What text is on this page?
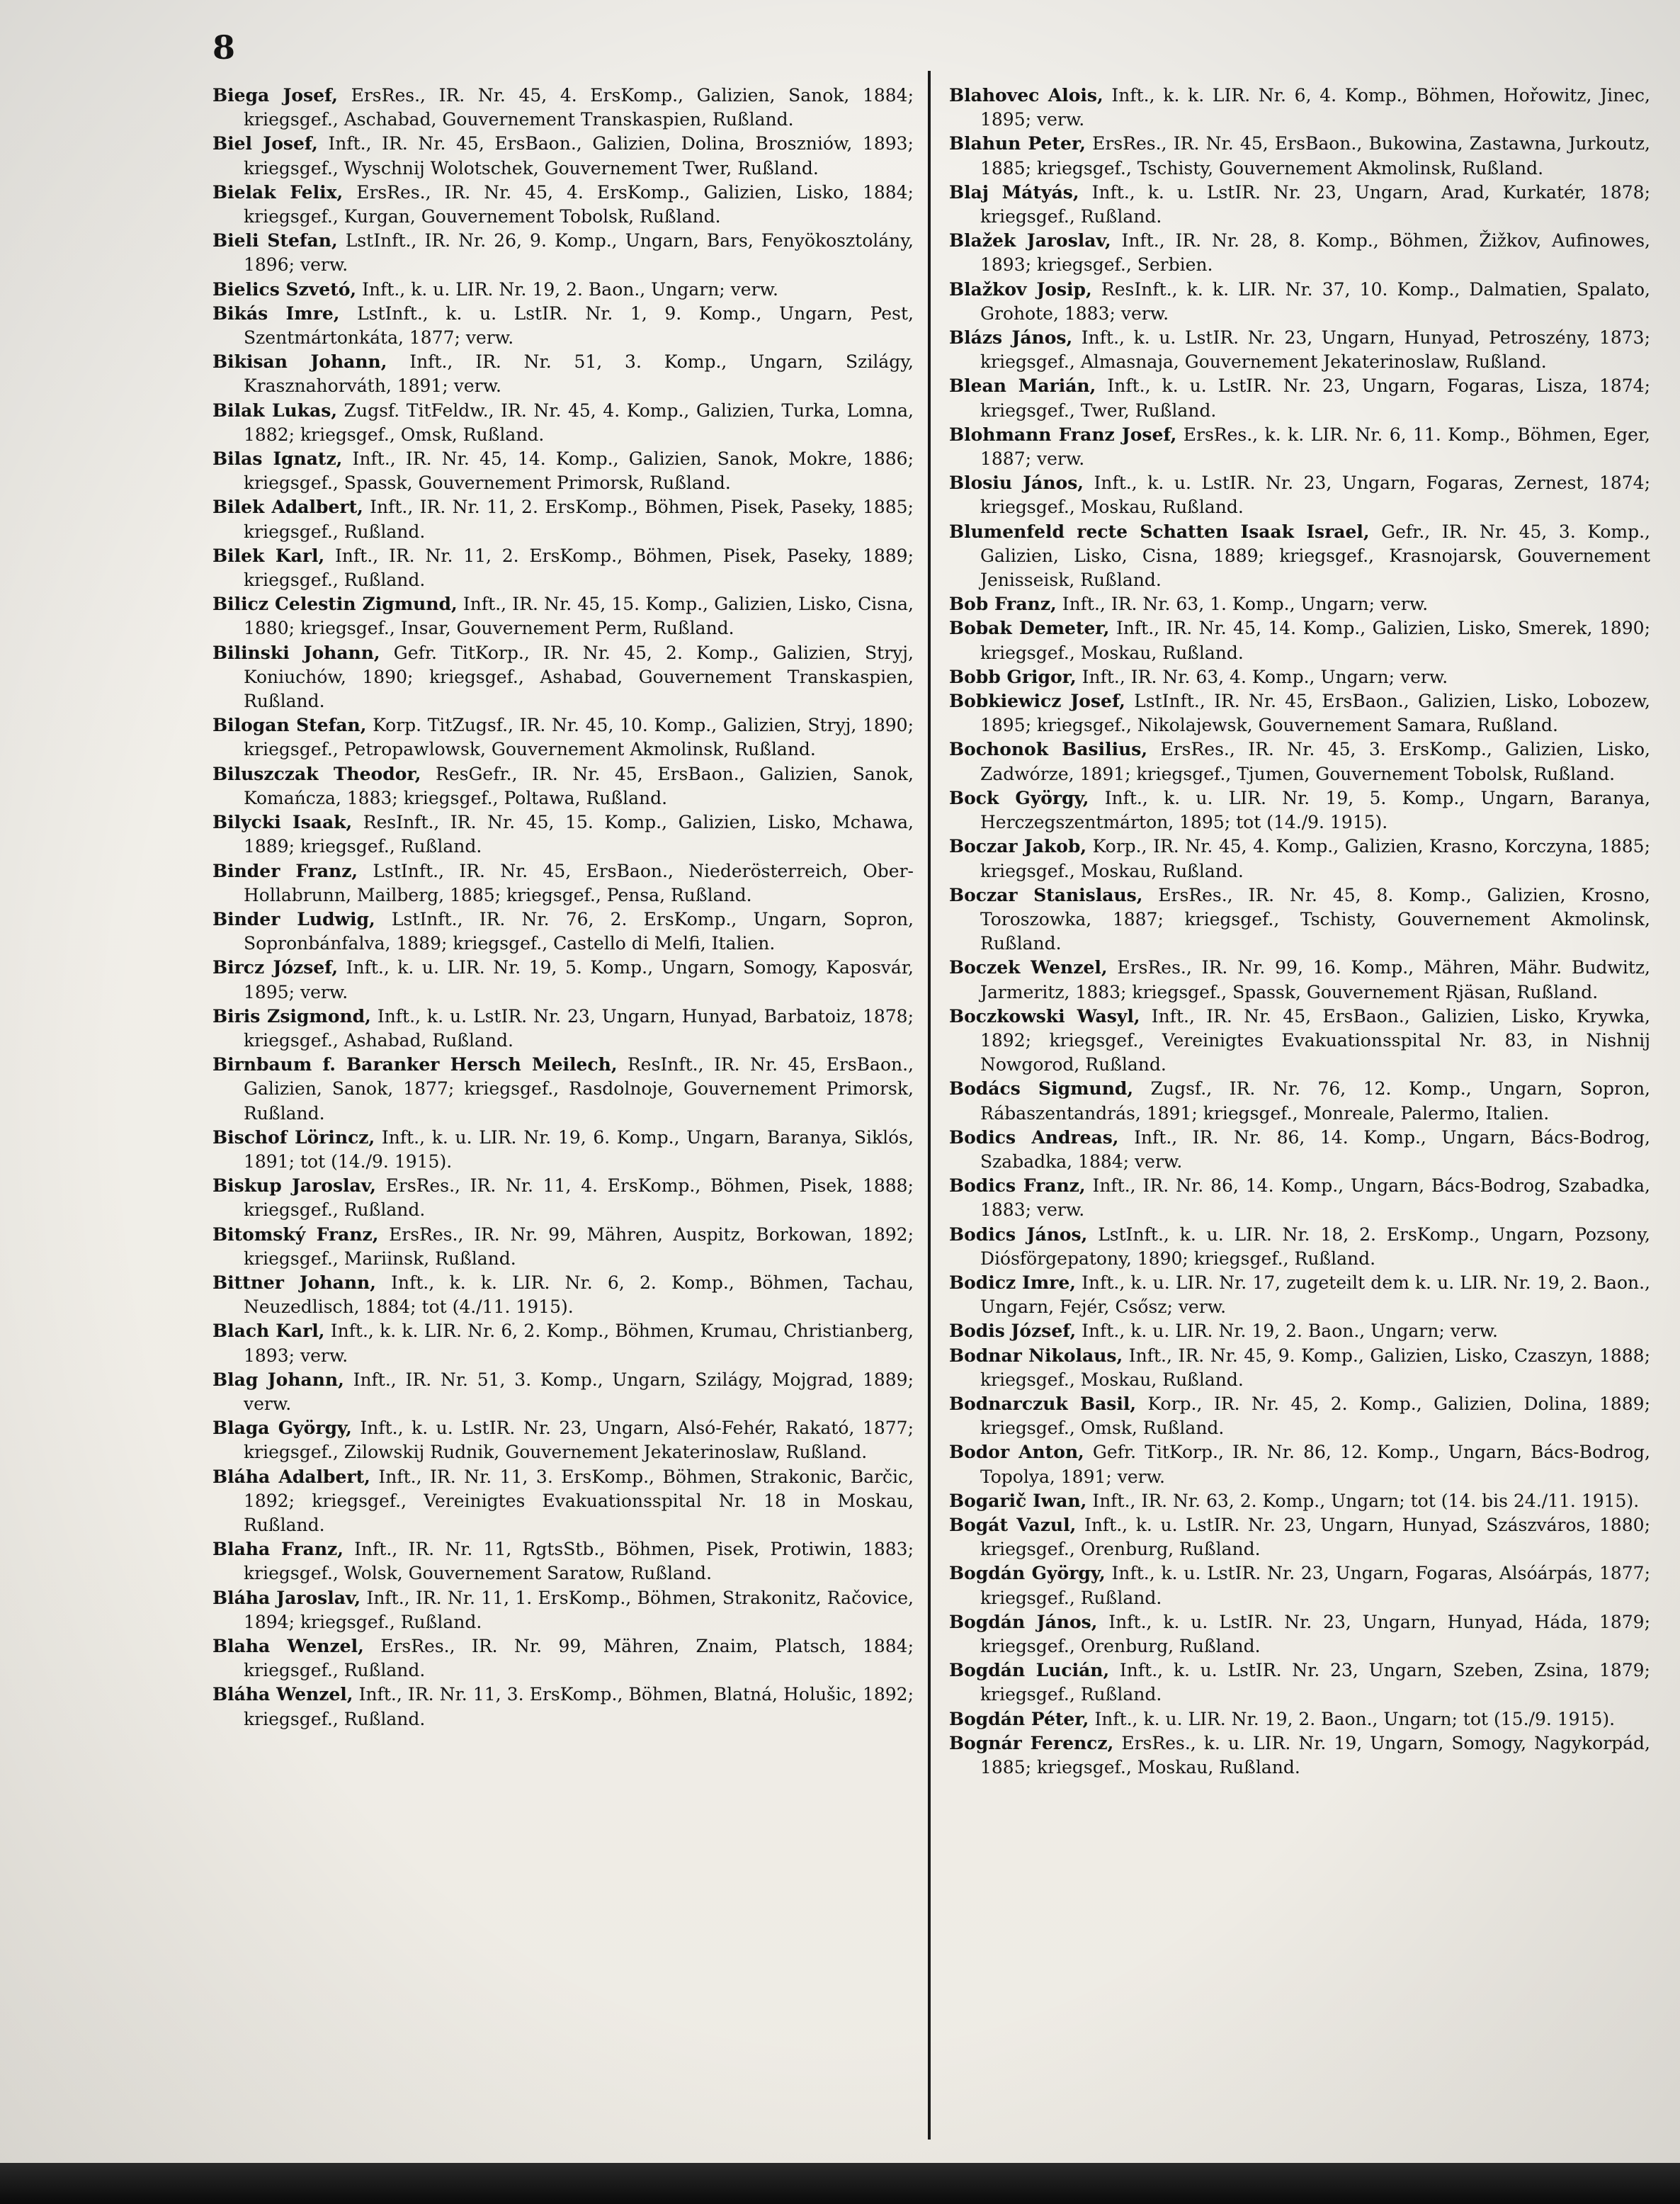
8

Biega Josef, ErsRes., IR. Nr. 45, 4. ErsKomp., Galizien, Sanok, 1884; kriegsgef., Aschabad, Gouvernement Transkaspien, Rußland.

Biel Josef, Inft., IR. Nr. 45, ErsBaon., Galizien, Dolina, Broszniów, 1893; kriegsgef., Wyschnij Wolotschek, Gouvernement Twer, Rußland.

Bielak Felix, ErsRes., IR. Nr. 45, 4. ErsKomp., Galizien, Lisko, 1884; kriegsgef., Kurgan, Gouvernement Tobolsk, Rußland.

Bieli Stefan, LstInft., IR. Nr. 26, 9. Komp., Ungarn, Bars, Fenyökosztolány, 1896; verw.

Bielics Szvetó, Inft., k. u. LIR. Nr. 19, 2. Baon., Ungarn; verw.

Bikás Imre, LstInft., k. u. LstIR. Nr. 1, 9. Komp., Ungarn, Pest, Szentmártonkáta, 1877; verw.

Bikisan Johann, Inft., IR. Nr. 51, 3. Komp., Ungarn, Szilágy, Krasznahorváth, 1891; verw.

Bilak Lukas, Zugsf. TitFeldw., IR. Nr. 45, 4. Komp., Galizien, Turka, Lomna, 1882; kriegsgef., Omsk, Rußland.

Bilas Ignatz, Inft., IR. Nr. 45, 14. Komp., Galizien, Sanok, Mokre, 1886; kriegsgef., Spassk, Gouvernement Primorsk, Rußland.

Bilek Adalbert, Inft., IR. Nr. 11, 2. ErsKomp., Böhmen, Pisek, Paseky, 1885; kriegsgef., Rußland.

Bilek Karl, Inft., IR. Nr. 11, 2. ErsKomp., Böhmen, Pisek, Paseky, 1889; kriegsgef., Rußland.

Bilicz Celestin Zigmund, Inft., IR. Nr. 45, 15. Komp., Galizien, Lisko, Cisna, 1880; kriegsgef., Insar, Gouvernement Perm, Rußland.

Bilinski Johann, Gefr. TitKorp., IR. Nr. 45, 2. Komp., Galizien, Stryj, Koniuchów, 1890; kriegsgef., Ashabad, Gouvernement Transkaspien, Rußland.

Bilogan Stefan, Korp. TitZugsf., IR. Nr. 45, 10. Komp., Galizien, Stryj, 1890; kriegsgef., Petropawlowsk, Gouvernement Akmolinsk, Rußland.

Biluszczak Theodor, ResGefr., IR. Nr. 45, ErsBaon., Galizien, Sanok, Komańcza, 1883; kriegsgef., Poltawa, Rußland.

Bilycki Isaak, ResInft., IR. Nr. 45, 15. Komp., Galizien, Lisko, Mchawa, 1889; kriegsgef., Rußland.

Binder Franz, LstInft., IR. Nr. 45, ErsBaon., Niederösterreich, Ober-Hollabrunn, Mailberg, 1885; kriegsgef., Pensa, Rußland.

Binder Ludwig, LstInft., IR. Nr. 76, 2. ErsKomp., Ungarn, Sopron, Sopronbánfalva, 1889; kriegsgef., Castello di Melfi, Italien.

Bircz József, Inft., k. u. LIR. Nr. 19, 5. Komp., Ungarn, Somogy, Kaposvár, 1895; verw.

Biris Zsigmond, Inft., k. u. LstIR. Nr. 23, Ungarn, Hunyad, Barbatoiz, 1878; kriegsgef., Ashabad, Rußland.

Birnbaum f. Baranker Hersch Meilech, ResInft., IR. Nr. 45, ErsBaon., Galizien, Sanok, 1877; kriegsgef., Rasdolnoje, Gouvernement Primorsk, Rußland.

Bischof Lörincz, Inft., k. u. LIR. Nr. 19, 6. Komp., Ungarn, Baranya, Siklós, 1891; tot (14./9. 1915).

Biskup Jaroslav, ErsRes., IR. Nr. 11, 4. ErsKomp., Böhmen, Pisek, 1888; kriegsgef., Rußland.

Bitomský Franz, ErsRes., IR. Nr. 99, Mähren, Auspitz, Borkowan, 1892; kriegsgef., Mariinsk, Rußland.

Bittner Johann, Inft., k. k. LIR. Nr. 6, 2. Komp., Böhmen, Tachau, Neuzedlisch, 1884; tot (4./11. 1915).

Blach Karl, Inft., k. k. LIR. Nr. 6, 2. Komp., Böhmen, Krumau, Christianberg, 1893; verw.

Blag Johann, Inft., IR. Nr. 51, 3. Komp., Ungarn, Szilágy, Mojgrad, 1889; verw.

Blaga György, Inft., k. u. LstIR. Nr. 23, Ungarn, Alsó-Fehér, Rakató, 1877; kriegsgef., Zilowskij Rudnik, Gouvernement Jekaterinoslaw, Rußland.

Bláha Adalbert, Inft., IR. Nr. 11, 3. ErsKomp., Böhmen, Strakonic, Barčic, 1892; kriegsgef., Vereinigtes Evakuationsspital Nr. 18 in Moskau, Rußland.

Blaha Franz, Inft., IR. Nr. 11, RgtsStb., Böhmen, Pisek, Protiwin, 1883; kriegsgef., Wolsk, Gouvernement Saratow, Rußland.

Bláha Jaroslav, Inft., IR. Nr. 11, 1. ErsKomp., Böhmen, Strakonitz, Račovice, 1894; kriegsgef., Rußland.

Blaha Wenzel, ErsRes., IR. Nr. 99, Mähren, Znaim, Platsch, 1884; kriegsgef., Rußland.

Bláha Wenzel, Inft., IR. Nr. 11, 3. ErsKomp., Böhmen, Blatná, Holušic, 1892; kriegsgef., Rußland.

Blahovec Alois, Inft., k. k. LIR. Nr. 6, 4. Komp., Böhmen, Hořowitz, Jinec, 1895; verw.

Blahun Peter, ErsRes., IR. Nr. 45, ErsBaon., Bukowina, Zastawna, Jurkoutz, 1885; kriegsgef., Tschisty, Gouvernement Akmolinsk, Rußland.

Blaj Mátyás, Inft., k. u. LstIR. Nr. 23, Ungarn, Arad, Kurkatér, 1878; kriegsgef., Rußland.

Blažek Jaroslav, Inft., IR. Nr. 28, 8. Komp., Böhmen, Žižkov, Aufinowes, 1893; kriegsgef., Serbien.

Blažkov Josip, ResInft., k. k. LIR. Nr. 37, 10. Komp., Dalmatien, Spalato, Grohote, 1883; verw.

Blázs János, Inft., k. u. LstIR. Nr. 23, Ungarn, Hunyad, Petroszény, 1873; kriegsgef., Almasnaja, Gouvernement Jekaterinoslaw, Rußland.

Blean Marián, Inft., k. u. LstIR. Nr. 23, Ungarn, Fogaras, Lisza, 1874; kriegsgef., Twer, Rußland.

Blohmann Franz Josef, ErsRes., k. k. LIR. Nr. 6, 11. Komp., Böhmen, Eger, 1887; verw.

Blosiu János, Inft., k. u. LstIR. Nr. 23, Ungarn, Fogaras, Zernest, 1874; kriegsgef., Moskau, Rußland.

Blumenfeld recte Schatten Isaak Israel, Gefr., IR. Nr. 45, 3. Komp., Galizien, Lisko, Cisna, 1889; kriegsgef., Krasnojarsk, Gouvernement Jenisseisk, Rußland.

Bob Franz, Inft., IR. Nr. 63, 1. Komp., Ungarn; verw.

Bobak Demeter, Inft., IR. Nr. 45, 14. Komp., Galizien, Lisko, Smerek, 1890; kriegsgef., Moskau, Rußland.

Bobb Grigor, Inft., IR. Nr. 63, 4. Komp., Ungarn; verw.

Bobkiewicz Josef, LstInft., IR. Nr. 45, ErsBaon., Galizien, Lisko, Lobozew, 1895; kriegsgef., Nikolajewsk, Gouvernement Samara, Rußland.

Bochonok Basilius, ErsRes., IR. Nr. 45, 3. ErsKomp., Galizien, Lisko, Zadwórze, 1891; kriegsgef., Tjumen, Gouvernement Tobolsk, Rußland.

Bock György, Inft., k. u. LIR. Nr. 19, 5. Komp., Ungarn, Baranya, Herczegszentmárton, 1895; tot (14./9. 1915).

Boczar Jakob, Korp., IR. Nr. 45, 4. Komp., Galizien, Krasno, Korczyna, 1885; kriegsgef., Moskau, Rußland.

Boczar Stanislaus, ErsRes., IR. Nr. 45, 8. Komp., Galizien, Krosno, Toroszowka, 1887; kriegsgef., Tschisty, Gouvernement Akmolinsk, Rußland.

Boczek Wenzel, ErsRes., IR. Nr. 99, 16. Komp., Mähren, Mähr. Budwitz, Jarmeritz, 1883; kriegsgef., Spassk, Gouvernement Rjäsan, Rußland.

Boczkowski Wasyl, Inft., IR. Nr. 45, ErsBaon., Galizien, Lisko, Krywka, 1892; kriegsgef., Vereinigtes Evakuationsspital Nr. 83, in Nishnij Nowgorod, Rußland.

Bodács Sigmund, Zugsf., IR. Nr. 76, 12. Komp., Ungarn, Sopron, Rábaszentandrás, 1891; kriegsgef., Monreale, Palermo, Italien.

Bodics Andreas, Inft., IR. Nr. 86, 14. Komp., Ungarn, Bács-Bodrog, Szabadka, 1884; verw.

Bodics Franz, Inft., IR. Nr. 86, 14. Komp., Ungarn, Bács-Bodrog, Szabadka, 1883; verw.

Bodics János, LstInft., k. u. LIR. Nr. 18, 2. ErsKomp., Ungarn, Pozsony, Diósförgepatony, 1890; kriegsgef., Rußland.

Bodicz Imre, Inft., k. u. LIR. Nr. 17, zugeteilt dem k. u. LIR. Nr. 19, 2. Baon., Ungarn, Fejér, Csősz; verw.

Bodis József, Inft., k. u. LIR. Nr. 19, 2. Baon., Ungarn; verw.

Bodnar Nikolaus, Inft., IR. Nr. 45, 9. Komp., Galizien, Lisko, Czaszyn, 1888; kriegsgef., Moskau, Rußland.

Bodnarczuk Basil, Korp., IR. Nr. 45, 2. Komp., Galizien, Dolina, 1889; kriegsgef., Omsk, Rußland.

Bodor Anton, Gefr. TitKorp., IR. Nr. 86, 12. Komp., Ungarn, Bács-Bodrog, Topolya, 1891; verw.

Bogarič Iwan, Inft., IR. Nr. 63, 2. Komp., Ungarn; tot (14. bis 24./11. 1915).

Bogát Vazul, Inft., k. u. LstIR. Nr. 23, Ungarn, Hunyad, Szászváros, 1880; kriegsgef., Orenburg, Rußland.

Bogdán György, Inft., k. u. LstIR. Nr. 23, Ungarn, Fogaras, Alsóárpás, 1877; kriegsgef., Rußland.

Bogdán János, Inft., k. u. LstIR. Nr. 23, Ungarn, Hunyad, Háda, 1879; kriegsgef., Orenburg, Rußland.

Bogdán Lucián, Inft., k. u. LstIR. Nr. 23, Ungarn, Szeben, Zsina, 1879; kriegsgef., Rußland.

Bogdán Péter, Inft., k. u. LIR. Nr. 19, 2. Baon., Ungarn; tot (15./9. 1915).

Bognár Ferencz, ErsRes., k. u. LIR. Nr. 19, Ungarn, Somogy, Nagykorpád, 1885; kriegsgef., Moskau, Rußland.
